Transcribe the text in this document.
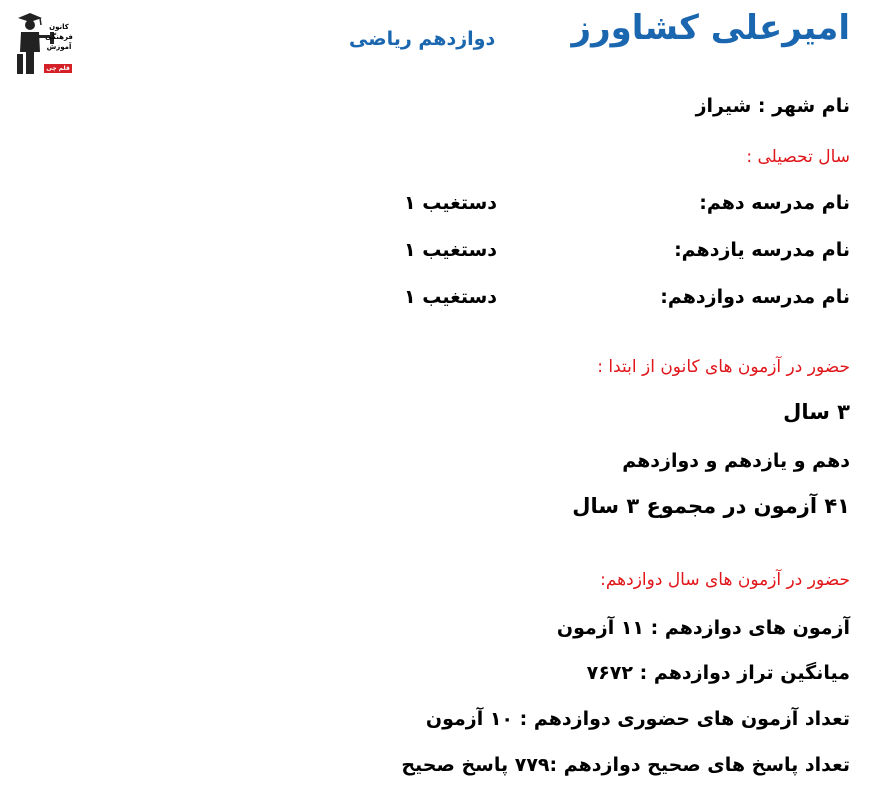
کانون
فرهنگی
آموزش
قلم چی
امیرعلی کشاورز
دوازدهم ریاضی
نام شهر : شیراز
سال تحصیلی :
نام مدرسه دهم:
دستغیب ۱
نام مدرسه یازدهم:
دستغیب ۱
نام مدرسه دوازدهم:
دستغیب ۱
حضور در آزمون های کانون از ابتدا :
۳ سال
دهم و یازدهم و دوازدهم
۴۱ آزمون در مجموع ۳ سال
حضور در آزمون های سال دوازدهم:
آزمون های دوازدهم : ۱۱ آزمون
میانگین تراز دوازدهم : ۷۶۷۲
تعداد آزمون های حضوری دوازدهم : ۱۰ آزمون
تعداد پاسخ های صحیح دوازدهم :۷۷۹ پاسخ صحیح
